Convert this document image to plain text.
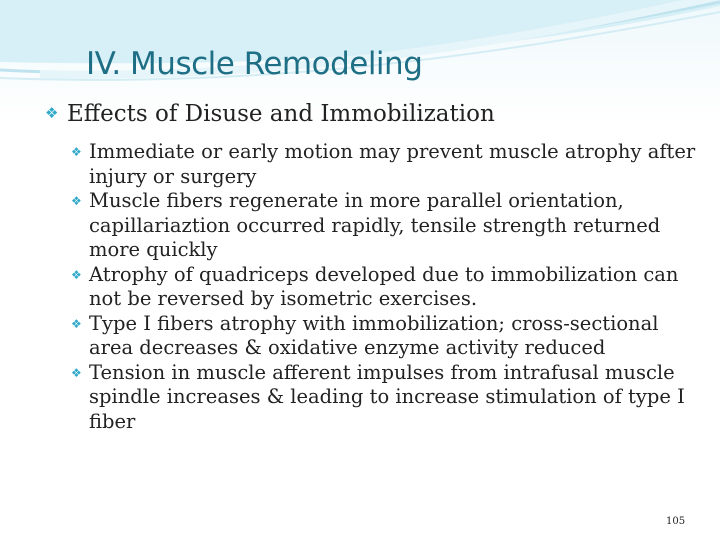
IV. Muscle Remodeling
❖ Effects of Disuse and Immobilization
❖ Immediate or early motion may prevent muscle atrophy after injury or surgery
❖ Muscle fibers regenerate in more parallel orientation, capillariaztion occurred rapidly, tensile strength returned more quickly
❖ Atrophy of quadriceps developed due to immobilization can not be reversed by isometric exercises.
❖ Type I fibers atrophy with immobilization; cross-sectional area decreases & oxidative enzyme activity reduced
❖ Tension in muscle afferent impulses from intrafusal muscle spindle increases & leading to increase stimulation of type I fiber
105
